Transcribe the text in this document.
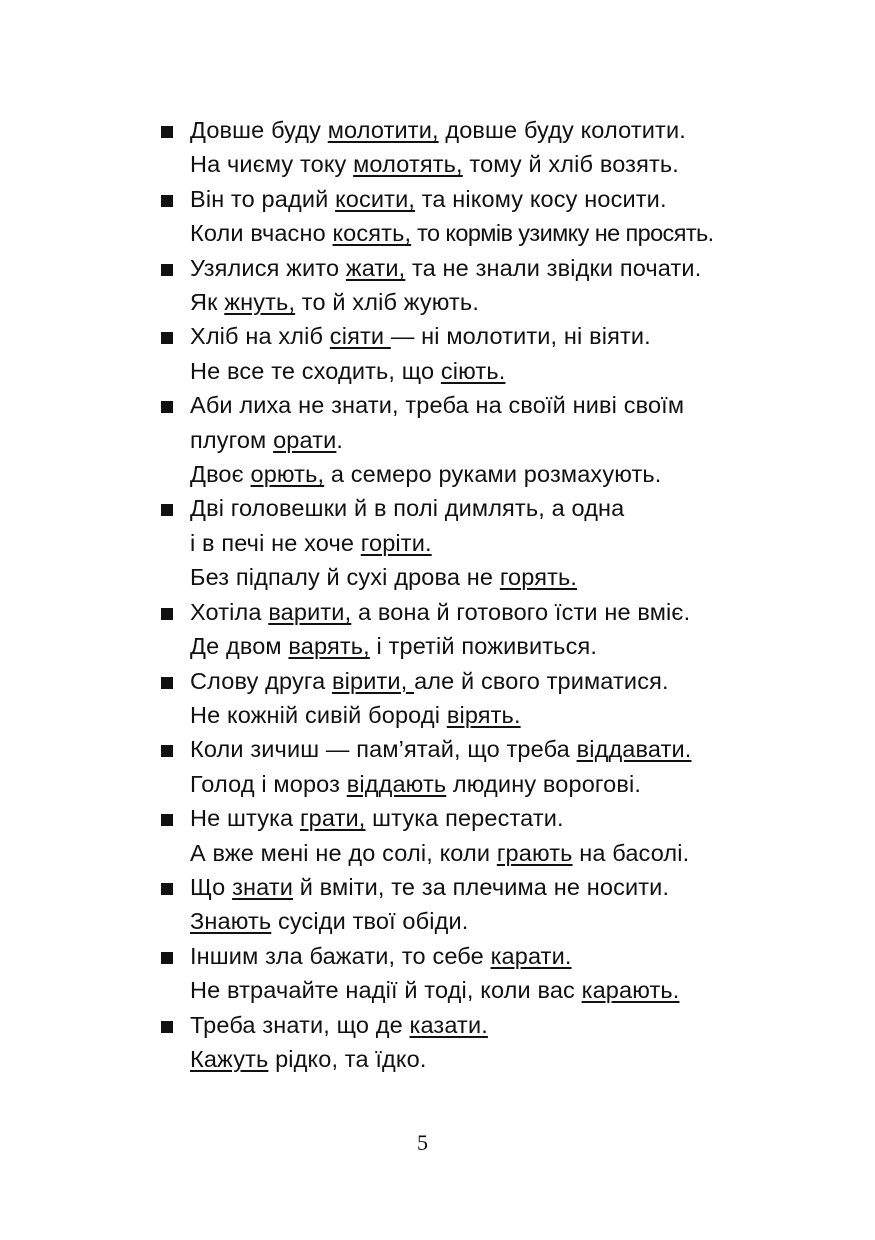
Довше буду молотити, довше буду колотити.
На чиєму току молотять, тому й хліб возять.
Він то радий косити, та нікому косу носити.
Коли вчасно косять, то кормів узимку не просять.
Узялися жито жати, та не знали звідки почати.
Як жнуть, то й хліб жують.
Хліб на хліб сіяти — ні молотити, ні віяти.
Не все те сходить, що сіють.
Аби лиха не знати, треба на своїй ниві своїм
плугом орати.
Двоє орють, а семеро руками розмахують.
Дві головешки й в полі димлять, а одна
і в печі не хоче горіти.
Без підпалу й сухі дрова не горять.
Хотіла варити, а вона й готового їсти не вміє.
Де двом варять, і третій поживиться.
Слову друга вірити, але й свого триматися.
Не кожній сивій бороді вірять.
Коли зичиш — пам’ятай, що треба віддавати.
Голод і мороз віддають людину ворогові.
Не штука грати, штука перестати.
А вже мені не до солі, коли грають на басолі.
Що знати й вміти, те за плечима не носити.
Знають сусіди твої обіди.
Іншим зла бажати, то себе карати.
Не втрачайте надії й тоді, коли вас карають.
Треба знати, що де казати.
Кажуть рідко, та їдко.
5
